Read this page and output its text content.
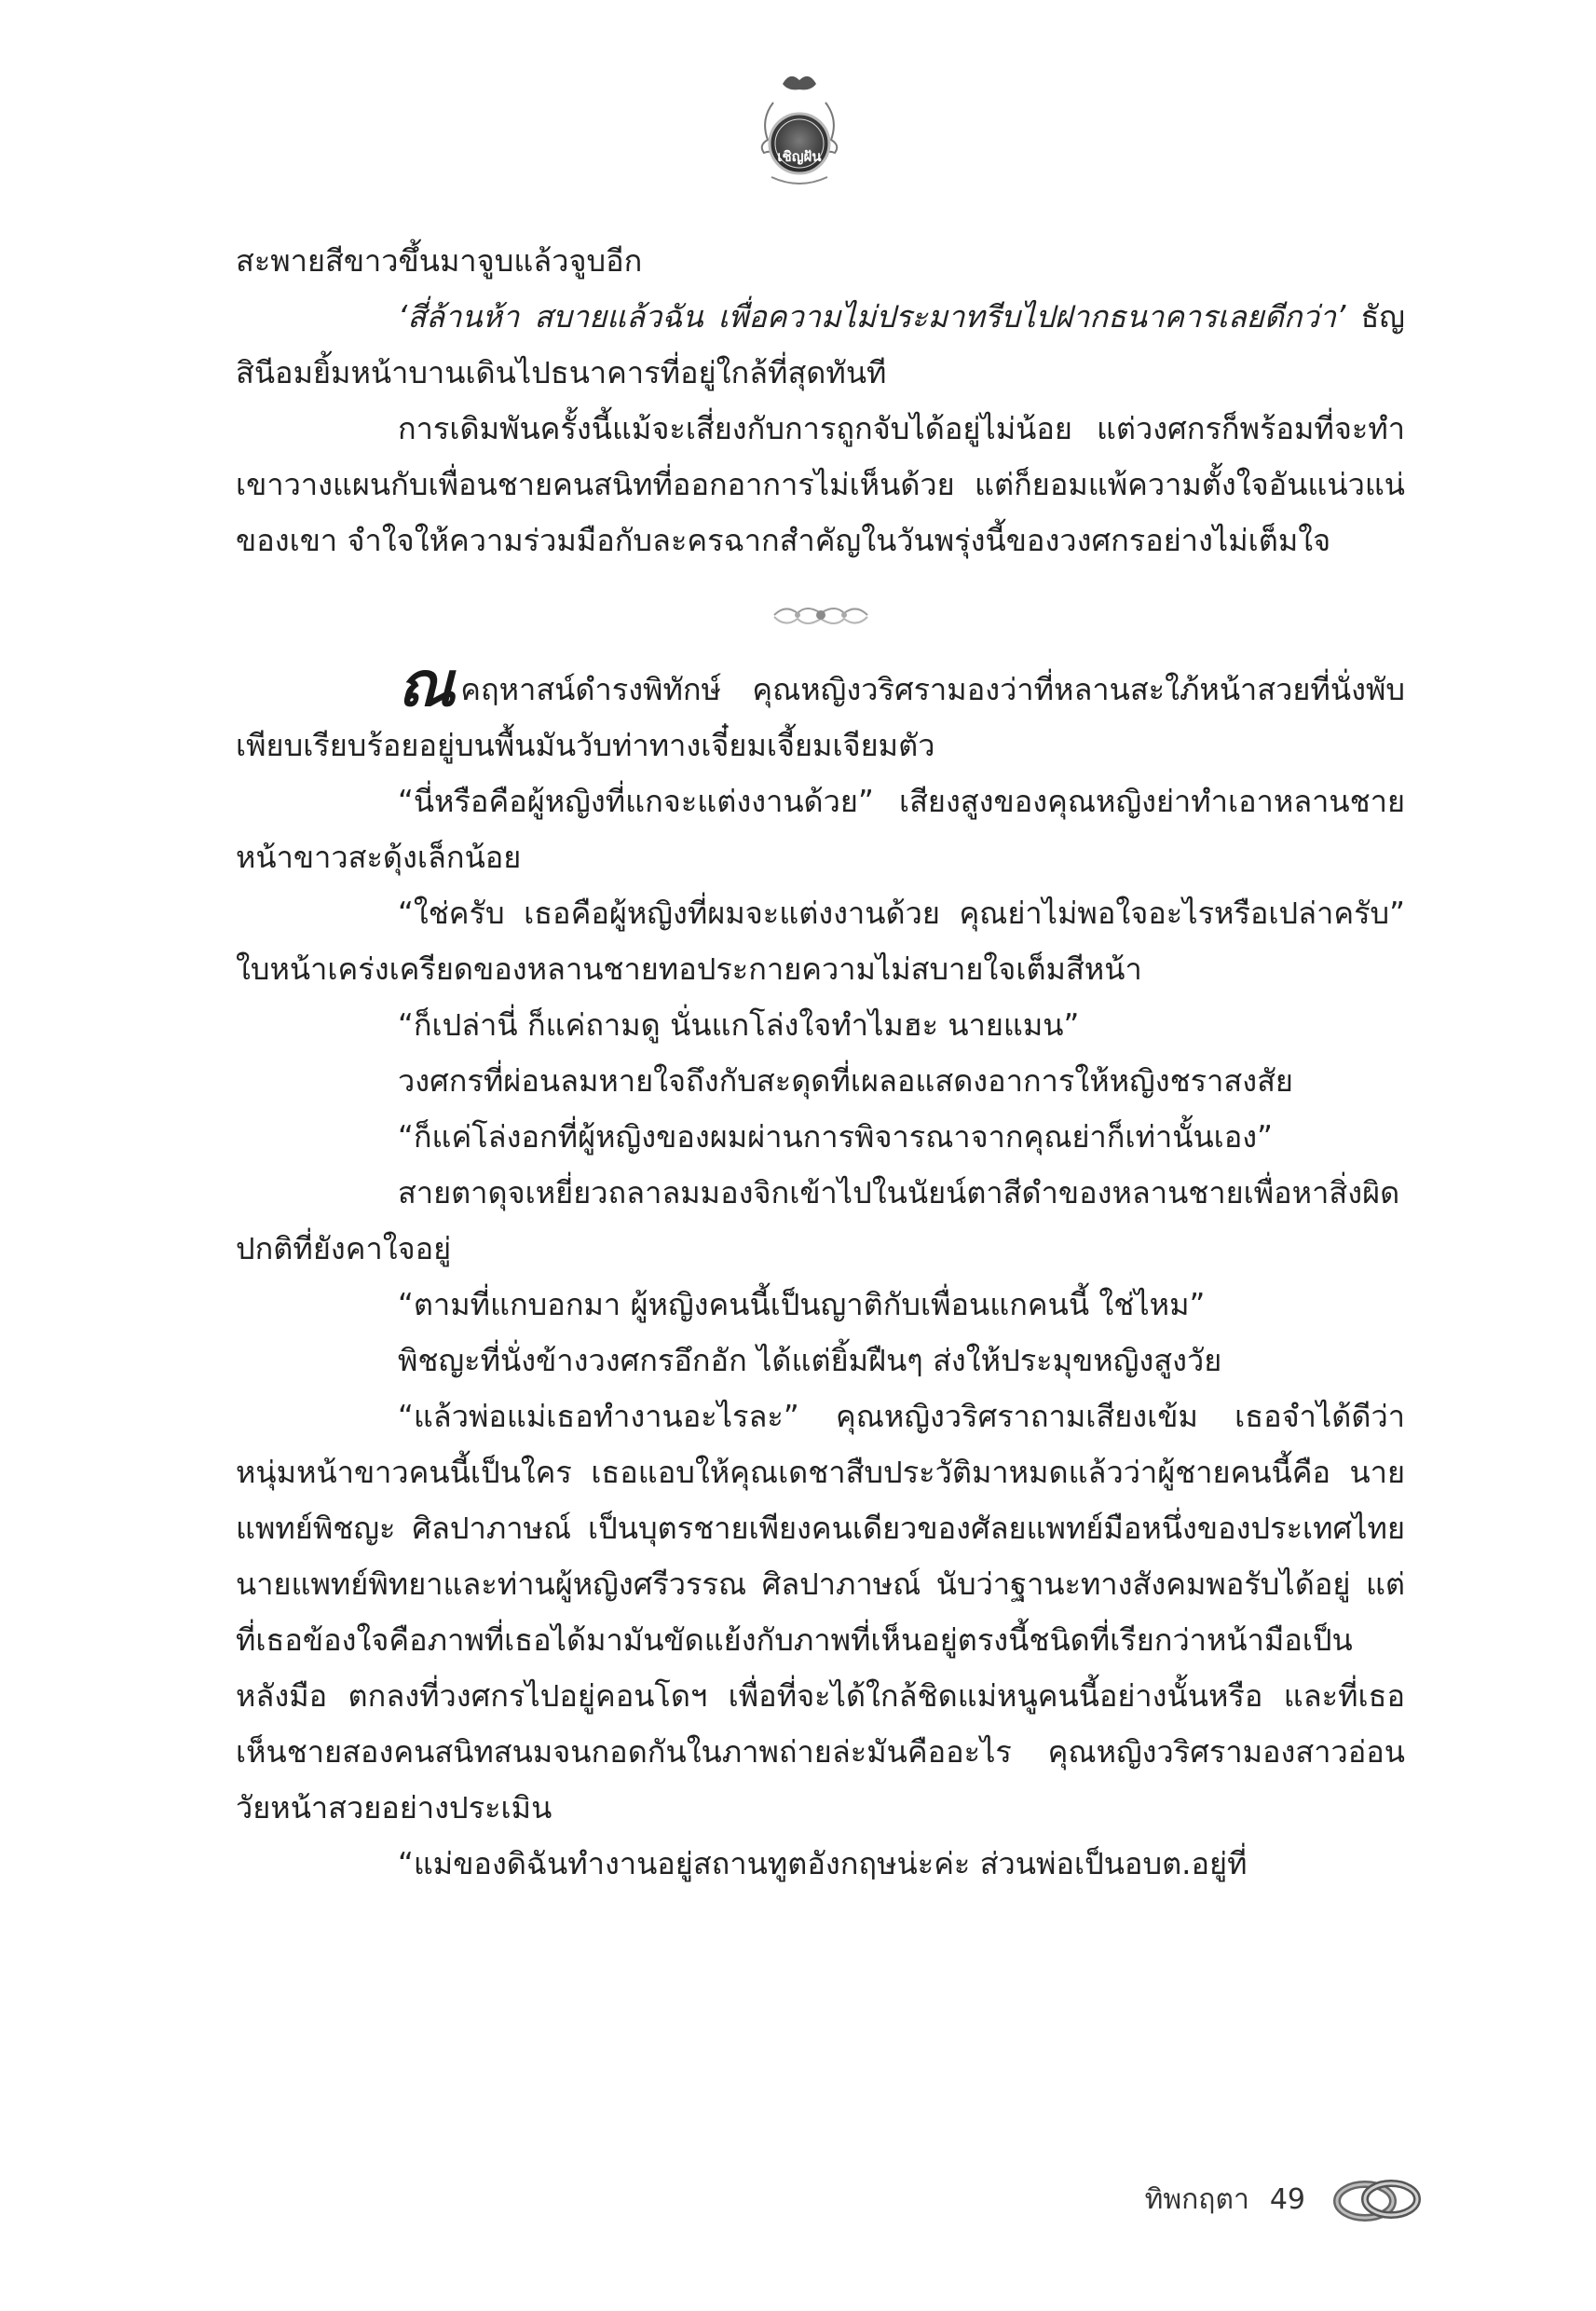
เชิญฝัน

สะพายสีขาวขึ้นมาจูบแล้วจูบอีก

‘สี่ล้านห้า สบายแล้วฉัน เพื่อความไม่ประมาทรีบไปฝากธนาคารเลยดีกว่า’ ธัญสินีอมยิ้มหน้าบานเดินไปธนาคารที่อยู่ใกล้ที่สุดทันที

การเดิมพันครั้งนี้แม้จะเสี่ยงกับการถูกจับได้อยู่ไม่น้อย แต่วงศกรก็พร้อมที่จะทำ เขาวางแผนกับเพื่อนชายคนสนิทที่ออกอาการไม่เห็นด้วย แต่ก็ยอมแพ้ความตั้งใจอันแน่วแน่ของเขา จำใจให้ความร่วมมือกับละครฉากสำคัญในวันพรุ่งนี้ของวงศกรอย่างไม่เต็มใจ

ณคฤหาสน์ดำรงพิทักษ์ คุณหญิงวริศรามองว่าที่หลานสะใภ้หน้าสวยที่นั่งพับเพียบเรียบร้อยอยู่บนพื้นมันวับท่าทางเจี๋ยมเจี้ยมเจียมตัว

“นี่หรือคือผู้หญิงที่แกจะแต่งงานด้วย” เสียงสูงของคุณหญิงย่าทำเอาหลานชายหน้าขาวสะดุ้งเล็กน้อย

“ใช่ครับ เธอคือผู้หญิงที่ผมจะแต่งงานด้วย คุณย่าไม่พอใจอะไรหรือเปล่าครับ” ใบหน้าเคร่งเครียดของหลานชายทอประกายความไม่สบายใจเต็มสีหน้า

“ก็เปล่านี่ ก็แค่ถามดู นั่นแกโล่งใจทำไมฮะ นายแมน”

วงศกรที่ผ่อนลมหายใจถึงกับสะดุดที่เผลอแสดงอาการให้หญิงชราสงสัย

“ก็แค่โล่งอกที่ผู้หญิงของผมผ่านการพิจารณาจากคุณย่าก็เท่านั้นเอง”

สายตาดุจเหยี่ยวถลาลมมองจิกเข้าไปในนัยน์ตาสีดำของหลานชายเพื่อหาสิ่งผิดปกติที่ยังคาใจอยู่

“ตามที่แกบอกมา ผู้หญิงคนนี้เป็นญาติกับเพื่อนแกคนนี้ ใช่ไหม”

พิชญะที่นั่งข้างวงศกรอึกอัก ได้แต่ยิ้มฝืนๆ ส่งให้ประมุขหญิงสูงวัย

“แล้วพ่อแม่เธอทำงานอะไรละ” คุณหญิงวริศราถามเสียงเข้ม เธอจำได้ดีว่าหนุ่มหน้าขาวคนนี้เป็นใคร เธอแอบให้คุณเดชาสืบประวัติมาหมดแล้วว่าผู้ชายคนนี้คือ นายแพทย์พิชญะ ศิลปาภาษณ์ เป็นบุตรชายเพียงคนเดียวของศัลยแพทย์มือหนึ่งของประเทศไทย นายแพทย์พิทยาและท่านผู้หญิงศรีวรรณ ศิลปาภาษณ์ นับว่าฐานะทางสังคมพอรับได้อยู่ แต่ที่เธอข้องใจคือภาพที่เธอได้มามันขัดแย้งกับภาพที่เห็นอยู่ตรงนี้ชนิดที่เรียกว่าหน้ามือเป็นหลังมือ ตกลงที่วงศกรไปอยู่คอนโดฯ เพื่อที่จะได้ใกล้ชิดแม่หนูคนนี้อย่างนั้นหรือ และที่เธอเห็นชายสองคนสนิทสนมจนกอดกันในภาพถ่ายล่ะมันคืออะไร คุณหญิงวริศรามองสาวอ่อนวัยหน้าสวยอย่างประเมิน

“แม่ของดิฉันทำงานอยู่สถานทูตอังกฤษน่ะค่ะ ส่วนพ่อเป็นอบต.อยู่ที่

ทิพกฤตา 49
